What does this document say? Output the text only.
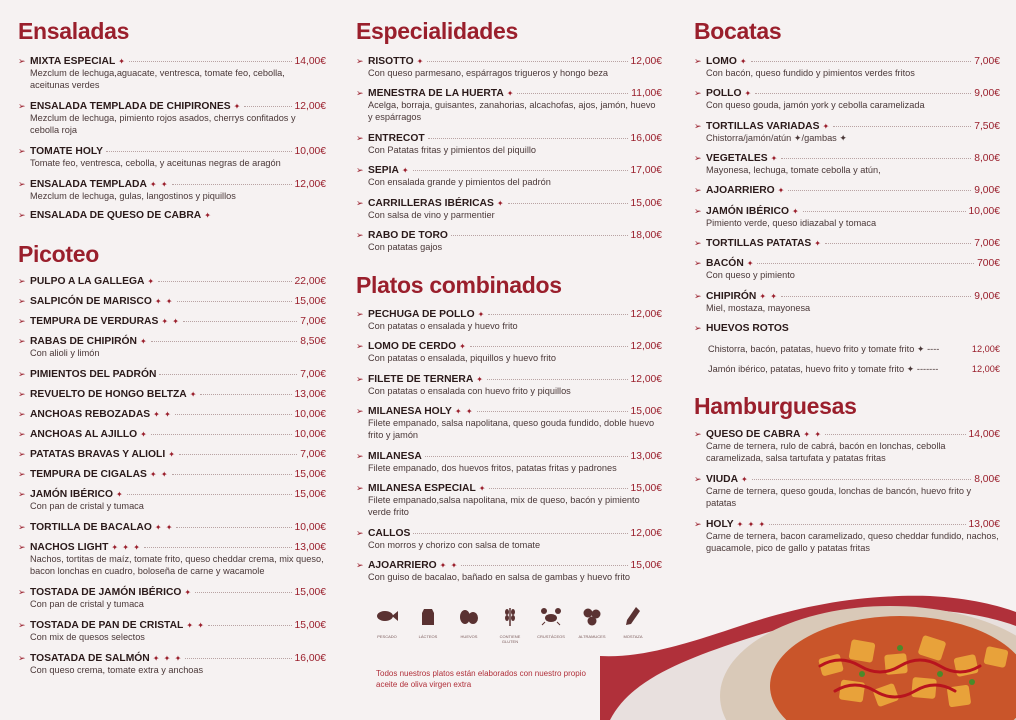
Ensaladas
➢ MIXTA ESPECIAL ✦	14,00€
Mezclum de lechuga,aguacate, ventresca, tomate feo, cebolla, aceitunas verdes
➢ ENSALADA TEMPLADA DE CHIPIRONES ✦	12,00€
Mezclum de lechuga, pimiento rojos asados, cherrys confitados y cebolla roja
➢ TOMATE HOLY	10,00€
Tomate feo, ventresca, cebolla, y aceitunas negras de aragón
➢ ENSALADA TEMPLADA ✦ ✦	12,00€
Mezclum de lechuga, gulas, langostinos y piquillos
➢ ENSALADA DE QUESO DE CABRA ✦
Picoteo
➢ PULPO A LA GALLEGA ✦	22,00€
➢ SALPICÓN DE MARISCO ✦ ✦	15,00€
➢ TEMPURA DE VERDURAS ✦ ✦	7,00€
➢ RABAS DE CHIPIRÓN ✦	8,50€
Con alioli y limón
➢ PIMIENTOS DEL PADRÓN	7,00€
➢ REVUELTO DE HONGO BELTZA ✦	13,00€
➢ ANCHOAS REBOZADAS ✦ ✦	10,00€
➢ ANCHOAS AL AJILLO ✦	10,00€
➢ PATATAS BRAVAS Y ALIOLI ✦	7,00€
➢ TEMPURA DE CIGALAS ✦ ✦	15,00€
➢ JAMÓN IBÉRICO ✦	15,00€
Con pan de cristal y tumaca
➢ TORTILLA DE BACALAO ✦ ✦	10,00€
➢ NACHOS LIGHT ✦ ✦ ✦	13,00€
Nachos, tortitas de maíz, tomate frito, queso cheddar crema, mix queso, bacon lonchas en cuadro, boloseña de carne y wacamole
➢ TOSTADA DE JAMÓN IBÉRICO ✦	15,00€
Con pan de cristal y tumaca
➢ TOSTADA DE PAN DE CRISTAL ✦ ✦	15,00€
Con mix de quesos selectos
➢ TOSATADA DE SALMÓN ✦ ✦ ✦	16,00€
Con queso crema, tomate extra y anchoas
Especialidades
➢ RISOTTO ✦	12,00€
Con queso parmesano, espárragos trigueros y hongo beza
➢ MENESTRA DE LA HUERTA ✦	11,00€
Acelga, borraja, guisantes, zanahorias, alcachofas, ajos, jamón, huevo y espárragos
➢ ENTRECOT	16,00€
Con Patatas fritas y pimientos del piquillo
➢ SEPIA ✦	17,00€
Con ensalada grande y pimientos del padrón
➢ CARRILLERAS IBÉRICAS ✦	15,00€
Con salsa de vino y parmentier
➢ RABO DE TORO	18,00€
Con patatas gajos
Platos combinados
➢ PECHUGA DE POLLO ✦	12,00€
Con patatas o ensalada y huevo frito
➢ LOMO DE CERDO ✦	12,00€
Con patatas o ensalada, piquillos y huevo frito
➢ FILETE DE TERNERA ✦	12,00€
Con patatas o ensalada con huevo frito y piquillos
➢ MILANESA HOLY ✦ ✦	15,00€
Filete empanado, salsa napolitana, queso gouda fundido, doble huevo frito y jamón
➢ MILANESA	13,00€
Filete empanado, dos huevos fritos, patatas fritas y padrones
➢ MILANESA ESPECIAL ✦	15,00€
Filete empanado,salsa napolitana, mix de queso, bacón y pimiento verde frito
➢ CALLOS	12,00€
Con morros y chorizo con salsa de tomate
➢ AJOARRIERO ✦ ✦	15,00€
Con guiso de bacalao, bañado en salsa de gambas y huevo frito
Bocatas
➢ LOMO ✦	7,00€
Con bacón, queso fundido y pimientos verdes fritos
➢ POLLO ✦	9,00€
Con queso gouda, jamón york y cebolla caramelizada
➢ TORTILLAS VARIADAS ✦	7,50€
Chistorra/jamón/atún ✦/gambas ✦
➢ VEGETALES ✦	8,00€
Mayonesa, lechuga, tomate cebolla y atún,
➢ AJOARRIERO ✦	9,00€
➢ JAMÓN IBÉRICO ✦	10,00€
Pimiento verde, queso idiazabal y tomaca
➢ TORTILLAS PATATAS ✦	7,00€
➢ BACÓN ✦	700€
Con queso y pimiento
➢ CHIPIRÓN ✦ ✦	9,00€
Miel, mostaza, mayonesa
➢ HUEVOS ROTOS
Chistorra, bacón, patatas, huevo frito y tomate frito ✦ ----	12,00€
Jamón ibérico, patatas, huevo frito y tomate frito ✦ -------	12,00€
Hamburguesas
➢ QUESO DE CABRA ✦ ✦	14,00€
Carne de ternera, rulo de cabrá, bacón en lonchas, cebolla caramelizada, salsa tartufata y patatas fritas
➢ VIUDA ✦	8,00€
Carne de ternera, queso gouda, lonchas de bancón, huevo frito y patatas
➢ HOLY ✦ ✦ ✦	13,00€
Carne de ternera, bacon caramelizado, queso cheddar fundido, nachos, guacamole, pico de gallo y patatas fritas
PESCADO	LÁCTEOS	HUEVOS	CONTIENE GLUTEN
CRUSTÁCEOS	ALTRAMUCES	MOSTAZA
Todos nuestros platos están elaborados con nuestro propio aceite de oliva virgen extra
